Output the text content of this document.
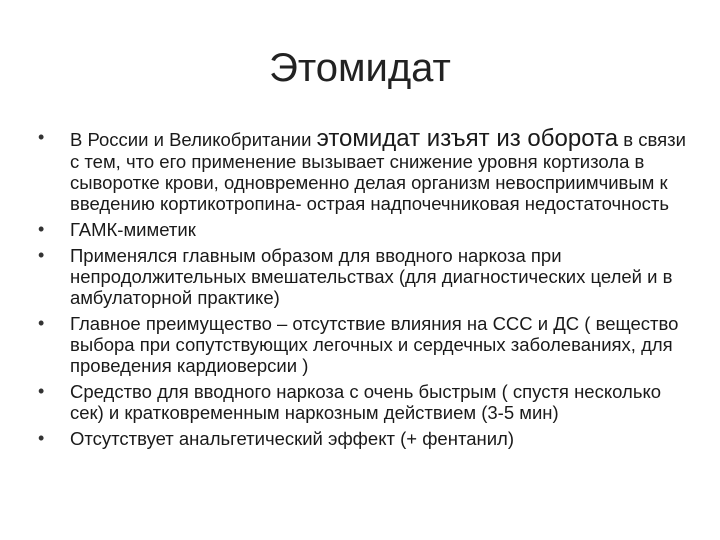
Этомидат
•	В России и Великобритании этомидат изъят из оборота в связи с тем, что его применение вызывает снижение уровня кортизола в сыворотке крови, одновременно делая организм невосприимчивым к введению кортикотропина- острая надпочечниковая недостаточность
•	ГАМК-миметик
•	Применялся главным образом для вводного наркоза при непродолжительных вмешательствах (для диагностических целей и в амбулаторной практике)
•	Главное преимущество – отсутствие влияния на ССС и ДС ( вещество выбора при сопутствующих легочных и сердечных заболеваниях, для проведения кардиоверсии )
•	Средство для вводного наркоза с очень быстрым ( спустя несколько сек) и кратковременным наркозным действием (3-5 мин)
•	Отсутствует анальгетический эффект (+ фентанил)
